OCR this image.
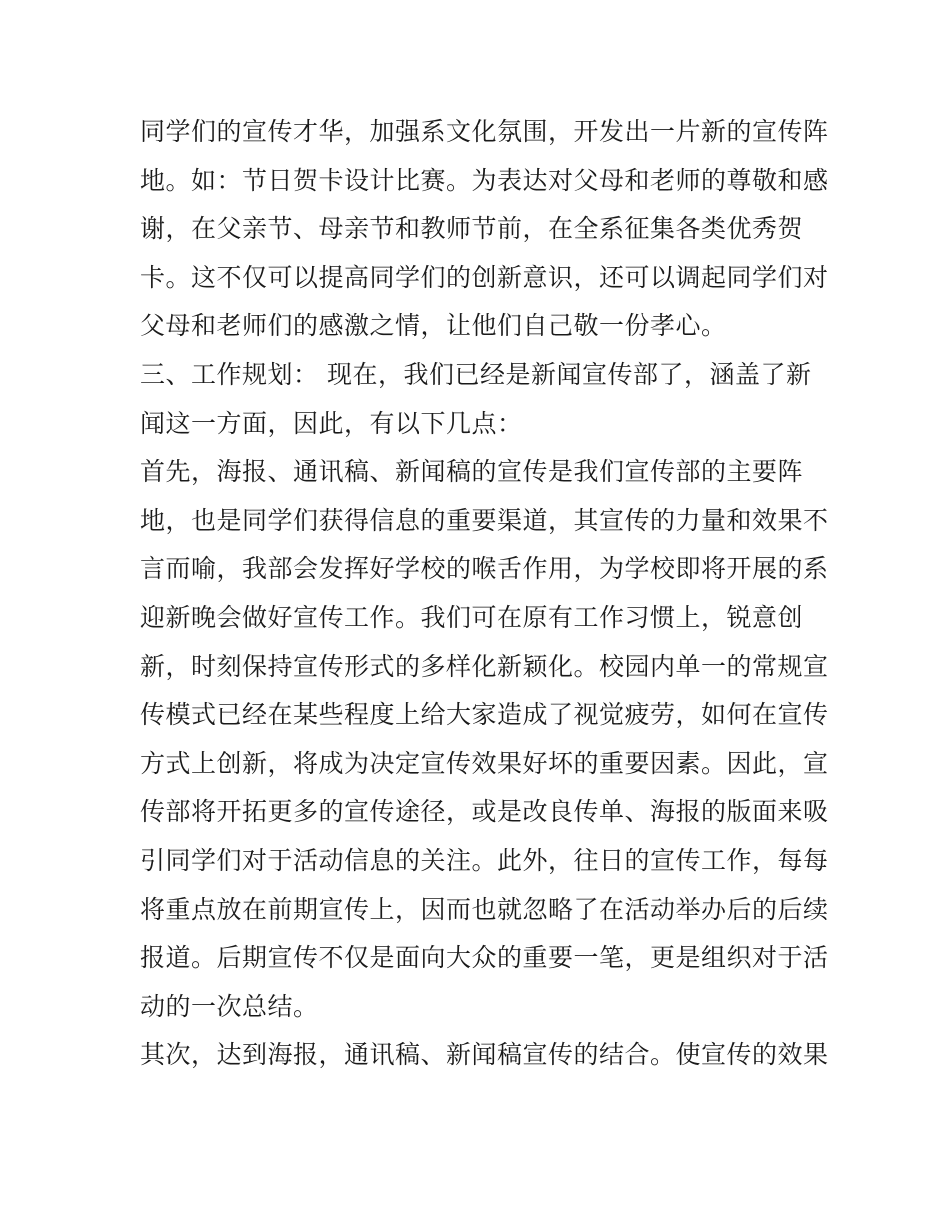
同学们的宣传才华，加强系文化氛围，开发出一片新的宣传阵
地。如：节日贺卡设计比赛。为表达对父母和老师的尊敬和感
谢，在父亲节、母亲节和教师节前，在全系征集各类优秀贺
卡。这不仅可以提高同学们的创新意识，还可以调起同学们对
父母和老师们的感激之情，让他们自己敬一份孝心。
三、工作规划： 现在，我们已经是新闻宣传部了，涵盖了新
闻这一方面，因此，有以下几点：
首先，海报、通讯稿、新闻稿的宣传是我们宣传部的主要阵
地，也是同学们获得信息的重要渠道，其宣传的力量和效果不
言而喻，我部会发挥好学校的喉舌作用，为学校即将开展的系
迎新晚会做好宣传工作。我们可在原有工作习惯上，锐意创
新，时刻保持宣传形式的多样化新颖化。校园内单一的常规宣
传模式已经在某些程度上给大家造成了视觉疲劳，如何在宣传
方式上创新，将成为决定宣传效果好坏的重要因素。因此，宣
传部将开拓更多的宣传途径，或是改良传单、海报的版面来吸
引同学们对于活动信息的关注。此外，往日的宣传工作，每每
将重点放在前期宣传上，因而也就忽略了在活动举办后的后续
报道。后期宣传不仅是面向大众的重要一笔，更是组织对于活
动的一次总结。
其次，达到海报，通讯稿、新闻稿宣传的结合。使宣传的效果
